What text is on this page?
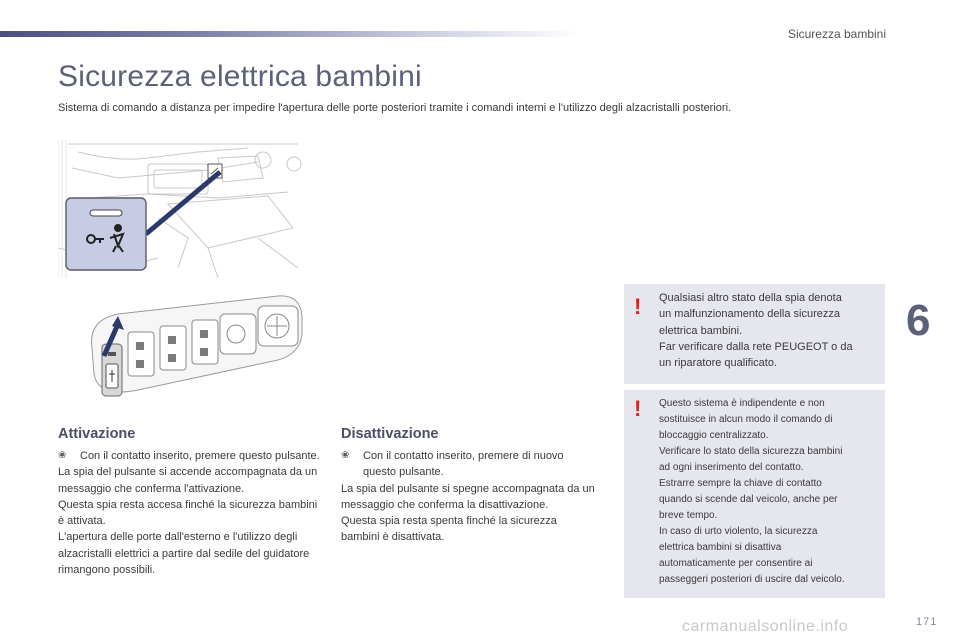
Sicurezza bambini
Sicurezza elettrica bambini

Sistema di comando a distanza per impedire l'apertura delle porte posteriori tramite i comandi interni e l'utilizzo degli alzacristalli posteriori.

Attivazione
❀	Con il contatto inserito, premere questo pulsante.

La spia del pulsante si accende accompagnata da un messaggio che conferma l'attivazione.

Questa spia resta accesa finché la sicurezza bambini è attivata.

L'apertura delle porte dall'esterno e l'utilizzo degli alzacristalli elettrici a partire dal sedile del guidatore rimangono possibili.

Disattivazione
❀	Con il contatto inserito, premere di nuovo questo pulsante.

La spia del pulsante si spegne accompagnata da un messaggio che conferma la disattivazione.

Questa spia resta spenta finché la sicurezza bambini è disattivata.

! Qualsiasi altro stato della spia denota
un malfunzionamento della sicurezza
elettrica bambini.
Far verificare dalla rete PEUGEOT o da
un riparatore qualificato.
! Questo sistema è indipendente e non
sostituisce in alcun modo il comando di
bloccaggio centralizzato.
Verificare lo stato della sicurezza bambini
ad ogni inserimento del contatto.
Estrarre sempre la chiave di contatto
quando si scende dal veicolo, anche per
breve tempo.
In caso di urto violento, la sicurezza
elettrica bambini si disattiva
automaticamente per consentire ai
passeggeri posteriori di uscire dal veicolo.
6
carmanualsonline.info	171
